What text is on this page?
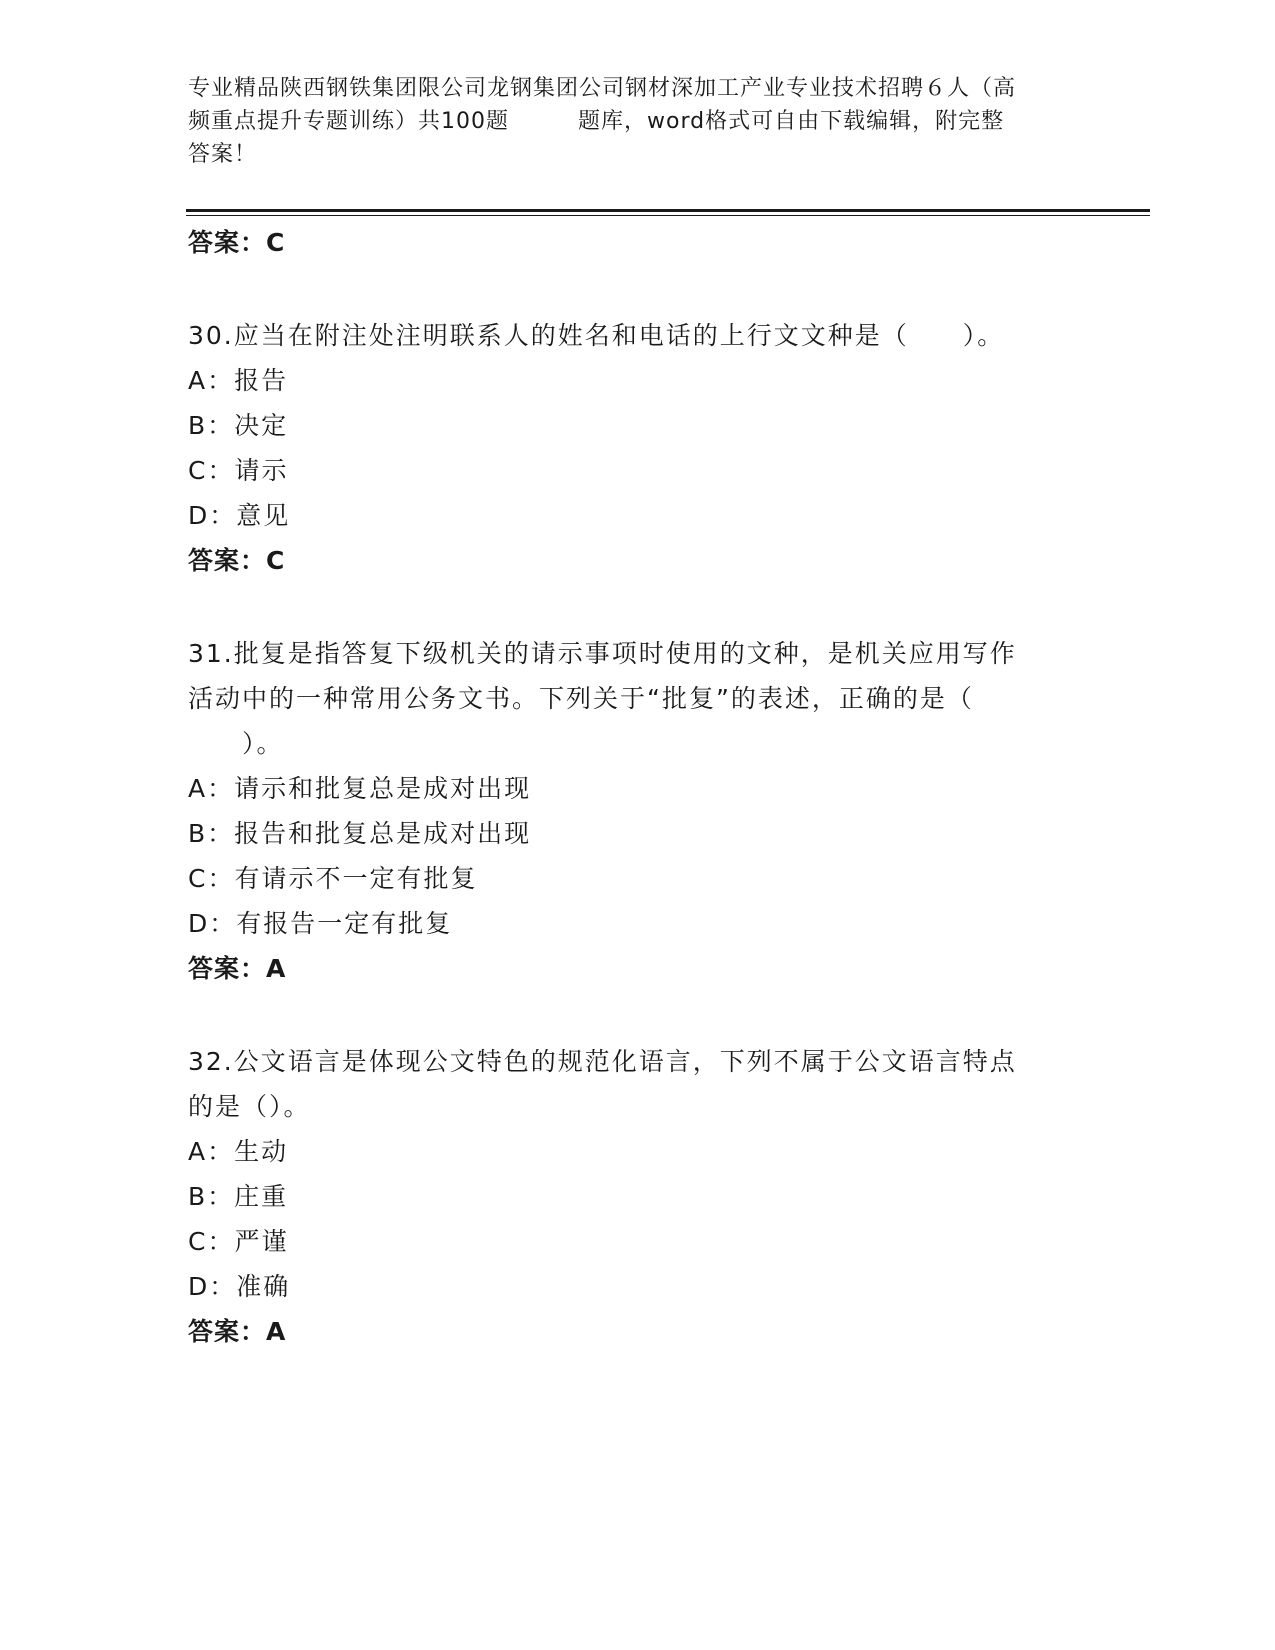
专业精品陕西钢铁集团限公司龙钢集团公司钢材深加工产业专业技术招聘６人（高

频重点提升专题训练）共100题　　　题库，word格式可自由下载编辑，附完整

答案！

答案：C

30.应当在附注处注明联系人的姓名和电话的上行文文种是（　　）。

A：报告

B：决定

C：请示

D：意见

答案：C

31.批复是指答复下级机关的请示事项时使用的文种，是机关应用写作

活动中的一种常用公务文书。下列关于“批复”的表述，正确的是（

　　）。

A：请示和批复总是成对出现

B：报告和批复总是成对出现

C：有请示不一定有批复

D：有报告一定有批复

答案：A

32.公文语言是体现公文特色的规范化语言，下列不属于公文语言特点

的是（）。

A：生动

B：庄重

C：严谨

D：准确

答案：A
